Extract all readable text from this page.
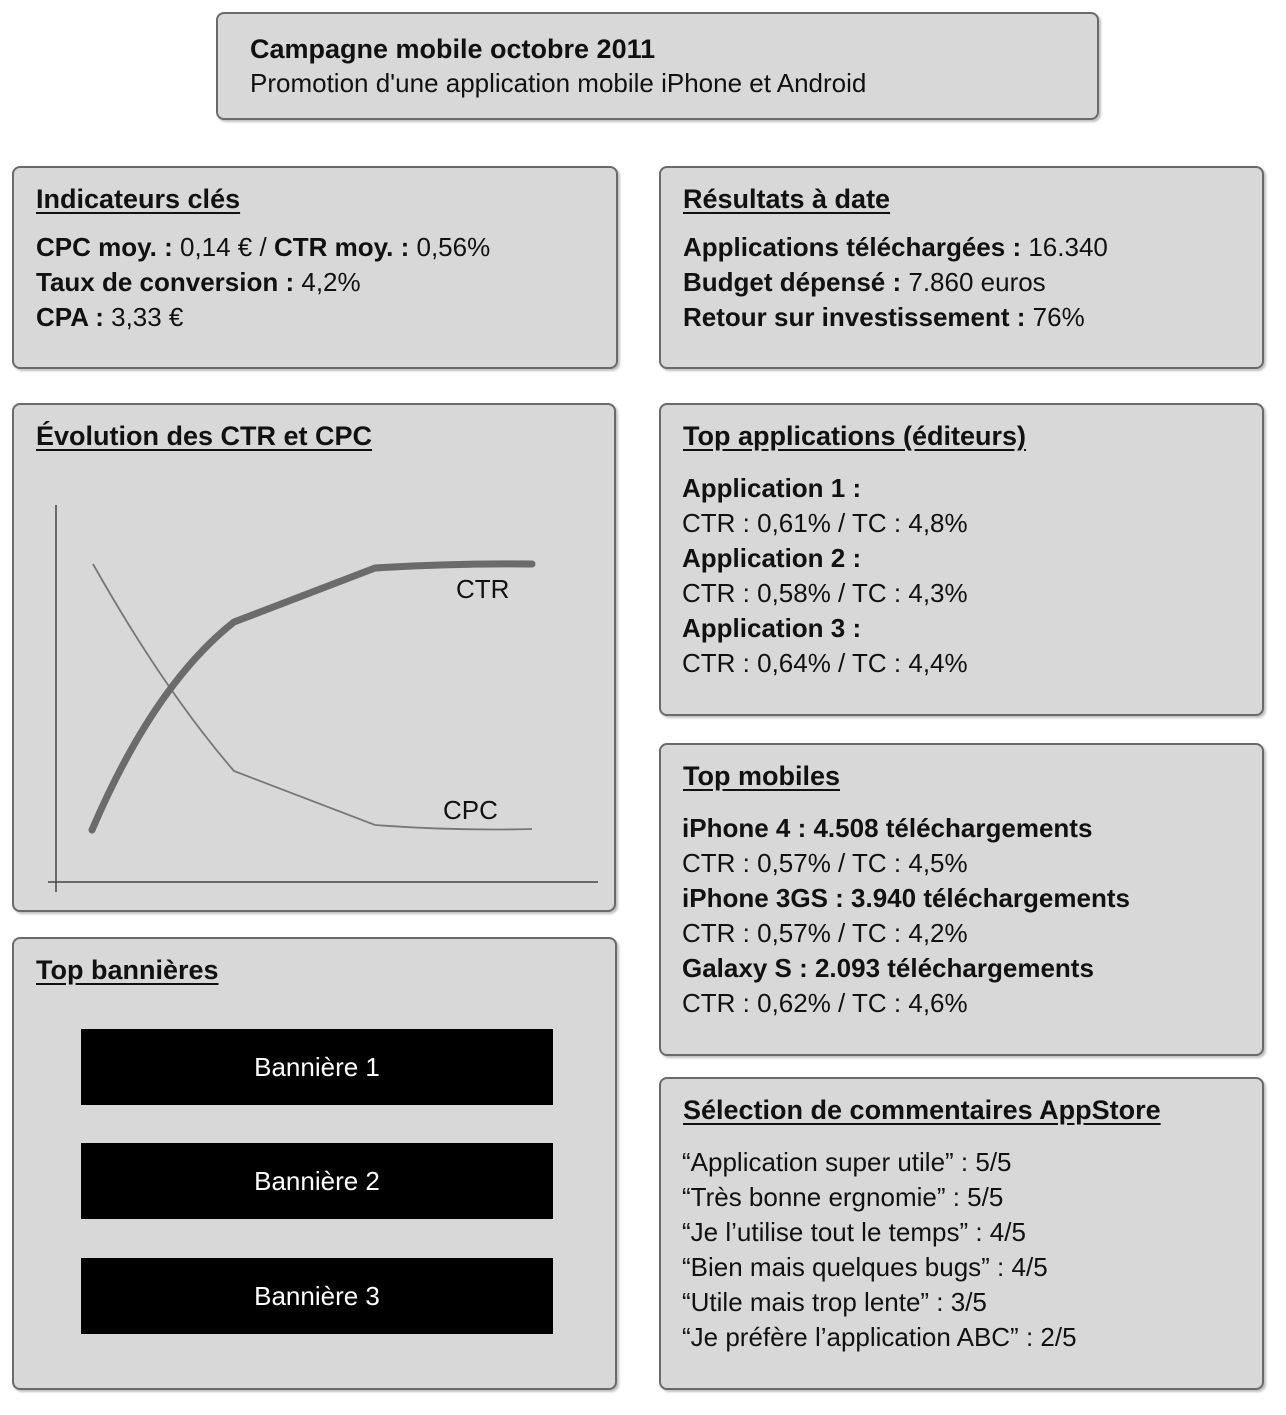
Campagne mobile octobre 2011
Promotion d'une application mobile iPhone et Android
Indicateurs clés
CPC moy. : 0,14 € / CTR moy. : 0,56%
Taux de conversion : 4,2%
CPA : 3,33 €
Résultats à date
Applications téléchargées : 16.340
Budget dépensé : 7.860 euros
Retour sur investissement : 76%
Évolution des CTR et CPC
CTR
CPC
Top bannières
Bannière 1
Bannière 2
Bannière 3
Top applications (éditeurs)
Application 1 :
CTR : 0,61% / TC : 4,8%
Application 2 :
CTR : 0,58% / TC : 4,3%
Application 3 :
CTR : 0,64% / TC : 4,4%
Top mobiles
iPhone 4 : 4.508 téléchargements
CTR : 0,57% / TC : 4,5%
iPhone 3GS : 3.940 téléchargements
CTR : 0,57% / TC : 4,2%
Galaxy S : 2.093 téléchargements
CTR : 0,62% / TC : 4,6%
Sélection de commentaires AppStore
“Application super utile” : 5/5
“Très bonne ergnomie” : 5/5
“Je l’utilise tout le temps” : 4/5
“Bien mais quelques bugs” : 4/5
“Utile mais trop lente” : 3/5
“Je préfère l’application ABC” : 2/5
